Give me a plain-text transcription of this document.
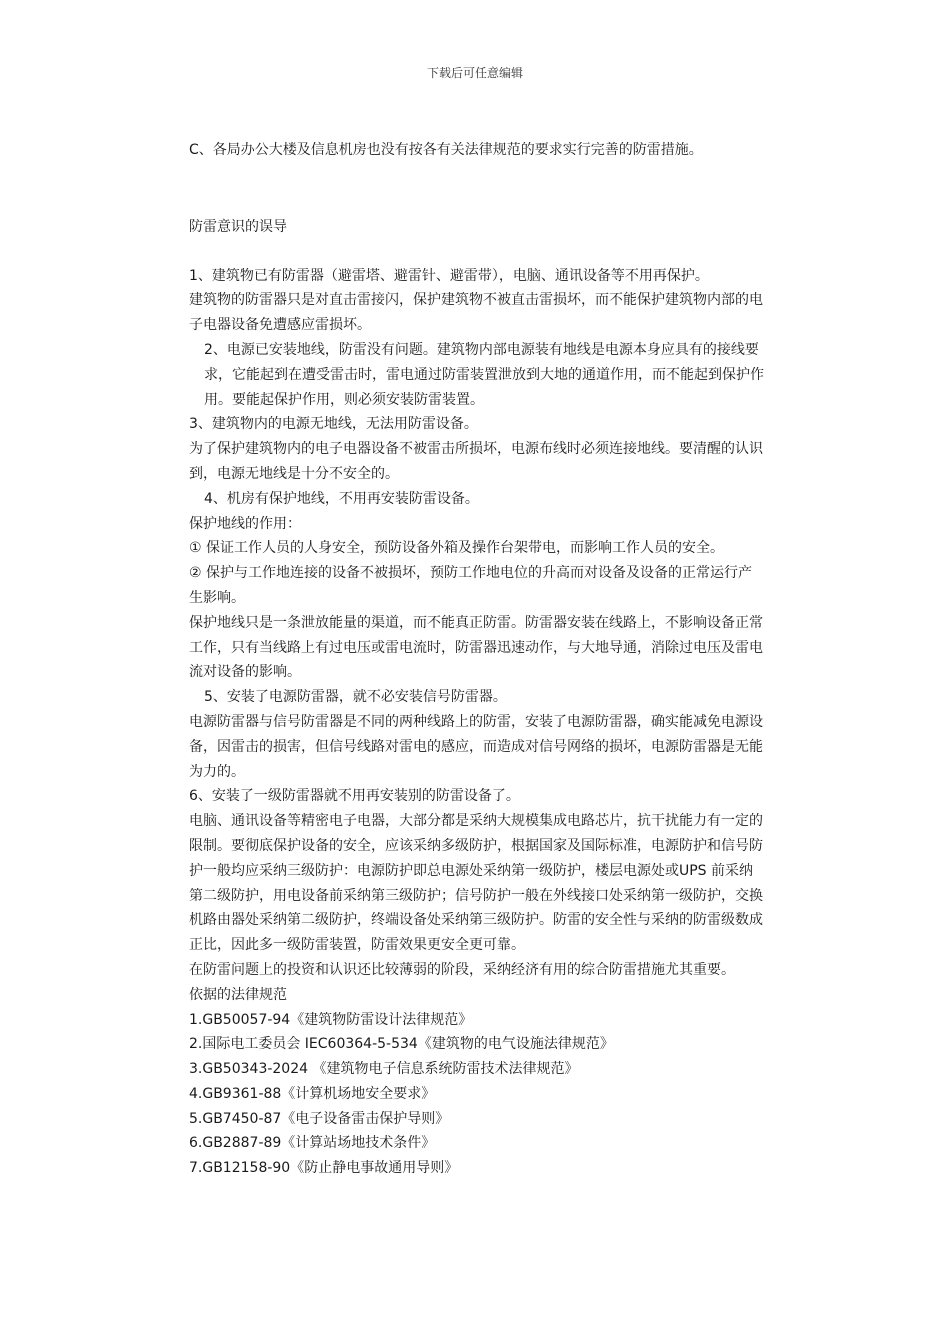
下载后可任意编辑

C、各局办公大楼及信息机房也没有按各有关法律规范的要求实行完善的防雷措施。

防雷意识的误导

1、建筑物已有防雷器（避雷塔、避雷针、避雷带），电脑、通讯设备等不用再保护。

建筑物的防雷器只是对直击雷接闪，保护建筑物不被直击雷损坏，而不能保护建筑物内部的电子电器设备免遭感应雷损坏。

2、电源已安装地线，防雷没有问题。建筑物内部电源装有地线是电源本身应具有的接线要求，它能起到在遭受雷击时，雷电通过防雷装置泄放到大地的通道作用，而不能起到保护作用。要能起保护作用，则必须安装防雷装置。

3、建筑物内的电源无地线，无法用防雷设备。

为了保护建筑物内的电子电器设备不被雷击所损坏，电源布线时必须连接地线。要清醒的认识到，电源无地线是十分不安全的。

4、机房有保护地线，不用再安装防雷设备。

保护地线的作用：

① 保证工作人员的人身安全，预防设备外箱及操作台架带电，而影响工作人员的安全。

② 保护与工作地连接的设备不被损坏，预防工作地电位的升高而对设备及设备的正常运行产生影响。

保护地线只是一条泄放能量的渠道，而不能真正防雷。防雷器安装在线路上，不影响设备正常工作，只有当线路上有过电压或雷电流时，防雷器迅速动作，与大地导通，消除过电压及雷电流对设备的影响。

5、安装了电源防雷器，就不必安装信号防雷器。

电源防雷器与信号防雷器是不同的两种线路上的防雷，安装了电源防雷器，确实能减免电源设备，因雷击的损害，但信号线路对雷电的感应，而造成对信号网络的损坏，电源防雷器是无能为力的。

6、安装了一级防雷器就不用再安装别的防雷设备了。

电脑、通讯设备等精密电子电器，大部分都是采纳大规模集成电路芯片，抗干扰能力有一定的限制。要彻底保护设备的安全，应该采纳多级防护，根据国家及国际标准，电源防护和信号防护一般均应采纳三级防护：电源防护即总电源处采纳第一级防护，楼层电源处或UPS 前采纳第二级防护，用电设备前采纳第三级防护；信号防护一般在外线接口处采纳第一级防护，交换机路由器处采纳第二级防护，终端设备处采纳第三级防护。防雷的安全性与采纳的防雷级数成正比，因此多一级防雷装置，防雷效果更安全更可靠。

在防雷问题上的投资和认识还比较薄弱的阶段，采纳经济有用的综合防雷措施尤其重要。

依据的法律规范

1.GB50057-94《建筑物防雷设计法律规范》

2.国际电工委员会 IEC60364-5-534《建筑物的电气设施法律规范》

3.GB50343-2024 《建筑物电子信息系统防雷技术法律规范》

4.GB9361-88《计算机场地安全要求》

5.GB7450-87《电子设备雷击保护导则》

6.GB2887-89《计算站场地技术条件》

7.GB12158-90《防止静电事故通用导则》
